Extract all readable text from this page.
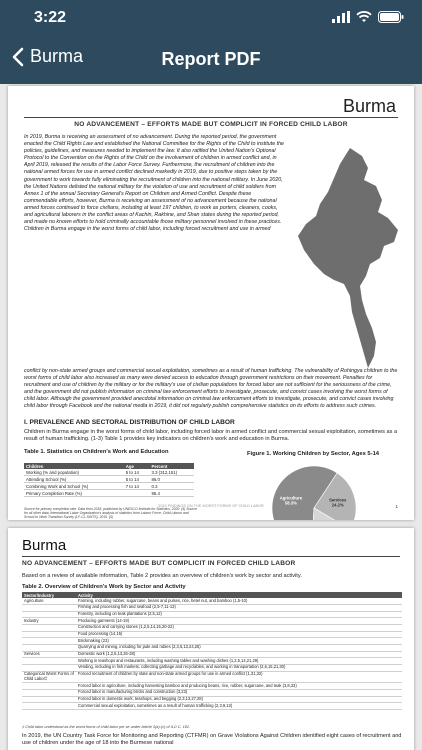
3:22
Burma	Report PDF
Burma
NO ADVANCEMENT – EFFORTS MADE BUT COMPLICIT IN FORCED CHILD LABOR
In 2019, Burma is receiving an assessment of no advancement. During the reported period, the government enacted the Child Rights Law and established the National Committee for the Rights of the Child to institute the policies, guidelines, and measures needed to implement the law. It also ratified the United Nation's Optional Protocol to the Convention on the Rights of the Child on the involvement of children in armed conflict and, in April 2019, released the results of the Labor Force Survey. Furthermore, the recruitment of children into the national armed forces for use in armed conflict declined markedly in 2019, due to positive steps taken by the government to work towards fully eliminating the recruitment of children into the national military. In June 2020, the United Nations delisted the national military for the violation of use and recruitment of child soldiers from Annex 1 of the annual Secretary General's Report on Children and Armed Conflict. Despite these commendable efforts, however, Burma is receiving an assessment of no advancement because the national armed forces continued to force civilians, including at least 197 children, to work as porters, cleaners, cooks, and agricultural laborers in the conflict areas of Kachin, Rakhine, and Shan states during the reported period, and made no known efforts to hold criminally accountable those military personnel involved in these practices. Children in Burma engage in the worst forms of child labor, including forced recruitment and use in armed
conflict by non-state armed groups and commercial sexual exploitation, sometimes as a result of human trafficking. The vulnerability of Rohingya children to the worst forms of child labor also increased as many were denied access to education through government restrictions on their movement. Penalties for recruitment and use of children by the military or for the military's use of civilian populations for forced labor are not sufficient for the seriousness of the crime, and the government did not publish information on criminal law enforcement efforts to investigate, prosecute, and convict cases involving the worst forms of child labor. Although the government provided anecdotal information on criminal law enforcement efforts to investigate, prosecute, and convict cases involving child labor through Facebook and the national media in 2019, it did not regularly publish comprehensive statistics on its efforts to address such crimes.
I. PREVALENCE AND SECTORAL DISTRIBUTION OF CHILD LABOR
Children in Burma engage in the worst forms of child labor, including forced labor in armed conflict and commercial sexual exploitation, sometimes as a result of human trafficking. (1-3) Table 1 provides key indicators on children's work and education in Burma.
Table 1. Statistics on Children's Work and Education
Children	Age	Percent
Working (% and population)	5 to 14	3.3 (312,151)
Attending School (%)	5 to 14	86.0
Combining Work and School (%)	7 to 14	0.3
Primary Completion Rate (%)		95.4
Source for primary completion rate: Data from 2018, published by UNESCO Institute for Statistics, 2020. (4) Source for all other data: International Labor Organization's analysis of statistics from Labour Force, Child Labour and School to Work Transition Survey (LF-CL-SWTS), 2015. (5)
Figure 1. Working Children by Sector, Ages 5-14
Agriculture
58.3%
Services
24.2%
2019 FINDINGS ON THE WORST FORMS OF CHILD LABOR	1
Burma
NO ADVANCEMENT – EFFORTS MADE BUT COMPLICIT IN FORCED CHILD LABOR
Based on a review of available information, Table 2 provides an overview of children's work by sector and activity.
Table 2. Overview of Children's Work by Sector and Activity
Sector/Industry	Activity
Agriculture	Farming, including rubber, sugarcane, beans and pulses, rice, betel nut, and bamboo (1,5-10)
	Fishing and processing fish and seafood (2,5-7,11-13)
	Forestry, including on teak plantations (2,5,12)
Industry	Producing garments (14-19)
	Construction and carrying stones (1,2,5,14,15,20-22)
	Food processing (14,15)
	Brickmaking (23)
	Quarrying and mining, including for jade and rubies (2,3,5,13,24,25)
Services	Domestic work (1,2,5,13,26-28)
	Working in teashops and restaurants, including washing tables and washing dishes (1,2,5,14,21,29)
	Vending, including in fish markets, collecting garbage and recyclables, and working in transportation (2,6,15,21,30)
Categorical Worst Forms of Child Labor‡	Forced recruitment of children by state and non-state armed groups for use in armed conflict (1,31,32)
	Forced labor in agriculture, including harvesting bamboo and producing beans, rice, rubber, sugarcane, and teak (3,8,33)
	Forced labor in manufacturing bricks and construction (3,23)
	Forced labor in domestic work, teashops, and begging (2,3,13,27,28)
	Commercial sexual exploitation, sometimes as a result of human trafficking (2,3,9,13)
‡ Child labor understood as the worst forms of child labor per se under Article 3(a)-(c) of ILO C. 182.
In 2019, the UN Country Task Force for Monitoring and Reporting (CTFMR) on Grave Violations Against Children identified eight cases of recruitment and use of children under the age of 18 into the Burmese national
